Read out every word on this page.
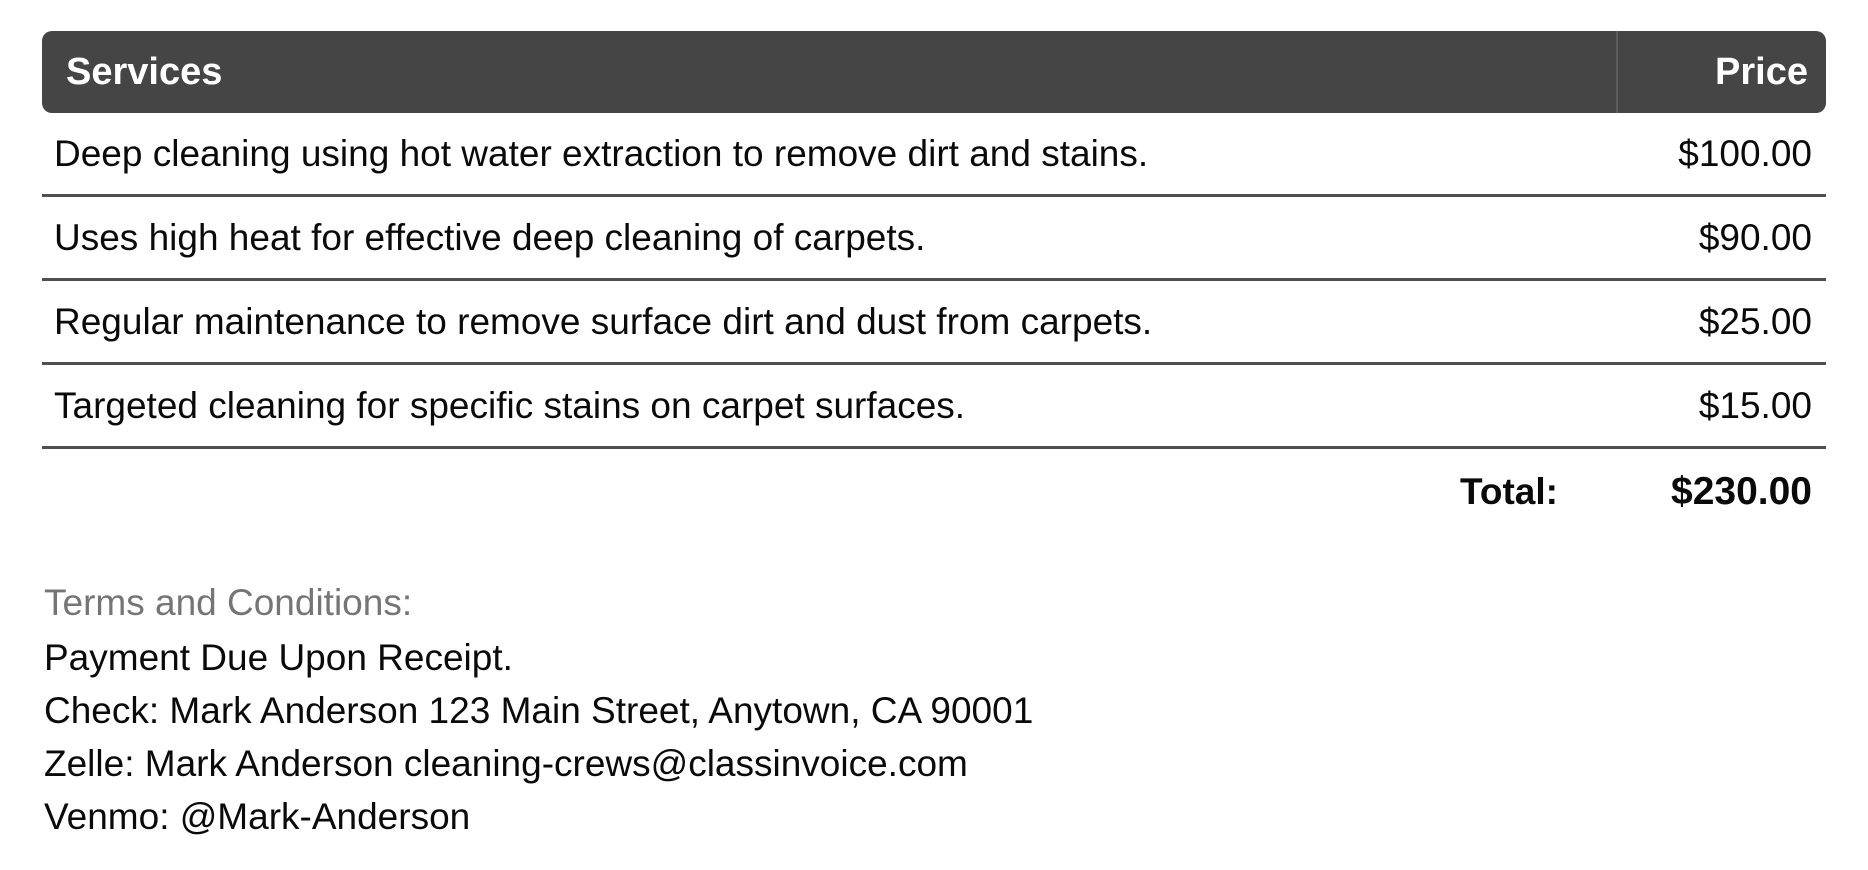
Services	Price
Deep cleaning using hot water extraction to remove dirt and stains.	$100.00
Uses high heat for effective deep cleaning of carpets.	$90.00
Regular maintenance to remove surface dirt and dust from carpets.	$25.00
Targeted cleaning for specific stains on carpet surfaces.	$15.00
Total:	$230.00
Terms and Conditions:
Payment Due Upon Receipt.
Check: Mark Anderson 123 Main Street, Anytown, CA 90001
Zelle: Mark Anderson cleaning-crews@classinvoice.com
Venmo: @Mark-Anderson
